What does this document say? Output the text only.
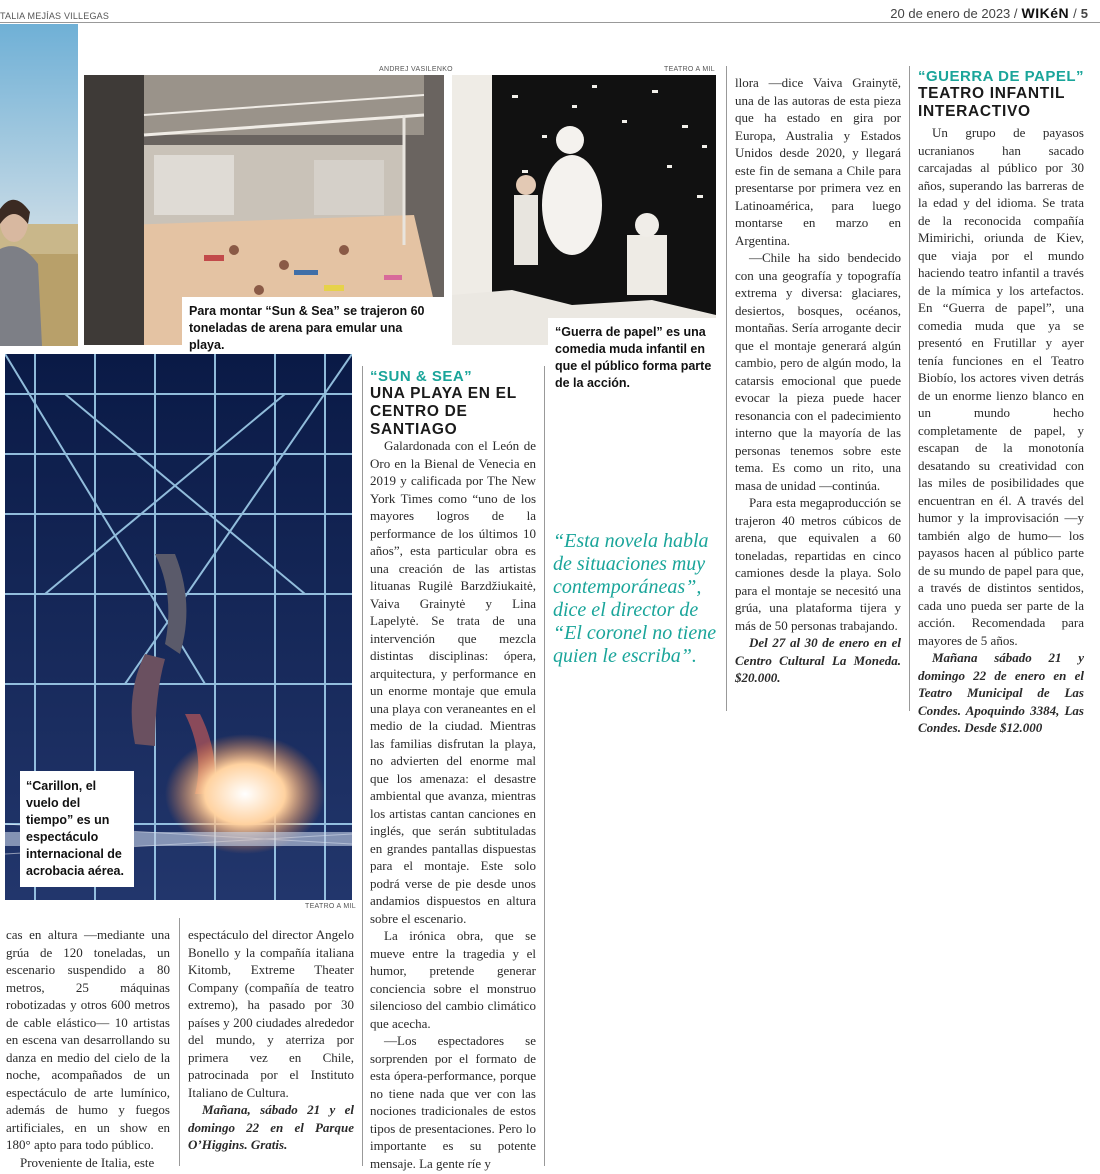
TALIA MEJÍAS VILLEGAS	20 de enero de 2023 / WIKéN / 5
ANDREJ VASILENKO
Para montar “Sun & Sea” se trajeron 60 toneladas de arena para emular una playa.
TEATRO A MIL
“Guerra de papel” es una comedia muda infantil en que el público forma parte de la acción.
“Carillon, el vuelo del tiempo” es un espectáculo internacional de acrobacia aérea.
TEATRO A MIL
“SUN & SEA”
UNA PLAYA EN EL CENTRO DE SANTIAGO

Galardonada con el León de Oro en la Bienal de Venecia en 2019 y calificada por The New York Times como “uno de los mayores logros de la performance de los últimos 10 años”, esta particular obra es una creación de las artistas lituanas Rugilė Barzdžiukaitė, Vaiva Grainytė y Lina Lapelytė. Se trata de una intervención que mezcla distintas disciplinas: ópera, arquitectura, y performance en un enorme montaje que emula una playa con veraneantes en el medio de la ciudad. Mientras las familias disfrutan la playa, no advierten del enorme mal que los amenaza: el desastre ambiental que avanza, mientras los artistas cantan canciones en inglés, que serán subtituladas en grandes pantallas dispuestas para el montaje. Este solo podrá verse de pie desde unos andamios dispuestos en altura sobre el escenario.

La irónica obra, que se mueve entre la tragedia y el humor, pretende generar conciencia sobre el monstruo silencioso del cambio climático que acecha.

—Los espectadores se sorprenden por el formato de esta ópera-performance, porque no tiene nada que ver con las nociones tradicionales de estos tipos de presentaciones. Pero lo importante es su potente mensaje. La gente ríe y

“Esta novela habla de situaciones muy contemporáneas”, dice el director de “El coronel no tiene quien le escriba”.

llora —dice Vaiva Grainytë, una de las autoras de esta pieza que ha estado en gira por Europa, Australia y Estados Unidos desde 2020, y llegará este fin de semana a Chile para presentarse por primera vez en Latinoamérica, para luego montarse en marzo en Argentina.

—Chile ha sido bendecido con una geografía y topografía extrema y diversa: glaciares, desiertos, bosques, océanos, montañas. Sería arrogante decir que el montaje generará algún cambio, pero de algún modo, la catarsis emocional que puede evocar la pieza puede hacer resonancia con el padecimiento interno que la mayoría de las personas tenemos sobre este tema. Es como un rito, una masa de unidad —continúa.

Para esta megaproducción se trajeron 40 metros cúbicos de arena, que equivalen a 60 toneladas, repartidas en cinco camiones desde la playa. Solo para el montaje se necesitó una grúa, una plataforma tijera y más de 50 personas trabajando.

Del 27 al 30 de enero en el Centro Cultural La Moneda. $20.000.

“GUERRA DE PAPEL”
TEATRO INFANTIL INTERACTIVO

Un grupo de payasos ucranianos han sacado carcajadas al público por 30 años, superando las barreras de la edad y del idioma. Se trata de la reconocida compañía Mimirichi, oriunda de Kiev, que viaja por el mundo haciendo teatro infantil a través de la mímica y los artefactos. En “Guerra de papel”, una comedia muda que ya se presentó en Frutillar y ayer tenía funciones en el Teatro Biobío, los actores viven detrás de un enorme lienzo blanco en un mundo hecho completamente de papel, y escapan de la monotonía desatando su creatividad con las miles de posibilidades que encuentran en él. A través del humor y la improvisación —y también algo de humo— los payasos hacen al público parte de su mundo de papel para que, a través de distintos sentidos, cada uno pueda ser parte de la acción. Recomendada para mayores de 5 años.

Mañana sábado 21 y domingo 22 de enero en el Teatro Municipal de Las Condes. Apoquindo 3384, Las Condes. Desde $12.000

cas en altura —mediante una grúa de 120 toneladas, un escenario suspendido a 80 metros, 25 máquinas robotizadas y otros 600 metros de cable elástico— 10 artistas en escena van desarrollando su danza en medio del cielo de la noche, acompañados de un espectáculo de arte lumínico, además de humo y fuegos artificiales, en un show en 180° apto para todo público.

Proveniente de Italia, este

espectáculo del director Angelo Bonello y la compañía italiana Kitomb, Extreme Theater Company (compañía de teatro extremo), ha pasado por 30 países y 200 ciudades alrededor del mundo, y aterriza por primera vez en Chile, patrocinada por el Instituto Italiano de Cultura.

Mañana, sábado 21 y el domingo 22 en el Parque O’Higgins. Gratis.
